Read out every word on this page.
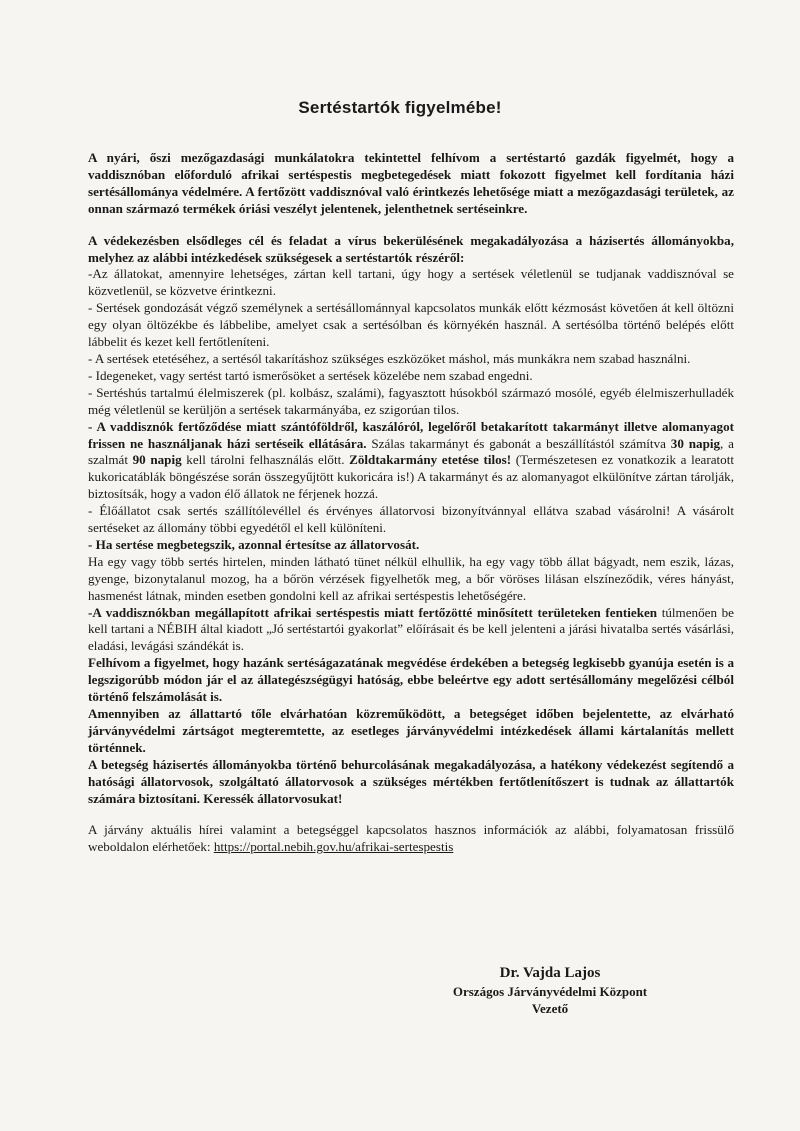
Sertéstartók figyelmébe!

A nyári, őszi mezőgazdasági munkálatokra tekintettel felhívom a sertéstartó gazdák figyelmét, hogy a vaddisznóban előforduló afrikai sertéspestis megbetegedések miatt fokozott figyelmet kell fordítania házi sertésállománya védelmére. A fertőzött vaddisznóval való érintkezés lehetősége miatt a mezőgazdasági területek, az onnan származó termékek óriási veszélyt jelentenek, jelenthetnek sertéseinkre.

A védekezésben elsődleges cél és feladat a vírus bekerülésének megakadályozása a házisertés állományokba, melyhez az alábbi intézkedések szükségesek a sertéstartók részéről:

-Az állatokat, amennyire lehetséges, zártan kell tartani, úgy hogy a sertések véletlenül se tudjanak vaddisznóval se közvetlenül, se közvetve érintkezni.

- Sertések gondozását végző személynek a sertésállománnyal kapcsolatos munkák előtt kézmosást követően át kell öltözni egy olyan öltözékbe és lábbelibe, amelyet csak a sertésólban és környékén használ. A sertésólba történő belépés előtt lábbelit és kezet kell fertőtleníteni.

- A sertések etetéséhez, a sertésól takarításhoz szükséges eszközöket máshol, más munkákra nem szabad használni.

- Idegeneket, vagy sertést tartó ismerősöket a sertések közelébe nem szabad engedni.

- Sertéshús tartalmú élelmiszerek (pl. kolbász, szalámi), fagyasztott húsokból származó mosólé, egyéb élelmiszerhulladék még véletlenül se kerüljön a sertések takarmányába, ez szigorúan tilos.

- A vaddisznók fertőződése miatt szántóföldről, kaszálóról, legelőről betakarított takarmányt illetve alomanyagot frissen ne használjanak házi sertéseik ellátására. Szálas takarmányt és gabonát a beszállítástól számítva 30 napig, a szalmát 90 napig kell tárolni felhasználás előtt. Zöldtakarmány etetése tilos! (Természetesen ez vonatkozik a learatott kukoricatáblák böngészése során összegyűjtött kukoricára is!) A takarmányt és az alomanyagot elkülönítve zártan tárolják, biztosítsák, hogy a vadon élő állatok ne férjenek hozzá.

- Élőállatot csak sertés szállítólevéllel és érvényes állatorvosi bizonyítvánnyal ellátva szabad vásárolni! A vásárolt sertéseket az állomány többi egyedétől el kell különíteni.

- Ha sertése megbetegszik, azonnal értesítse az állatorvosát.

Ha egy vagy több sertés hirtelen, minden látható tünet nélkül elhullik, ha egy vagy több állat bágyadt, nem eszik, lázas, gyenge, bizonytalanul mozog, ha a bőrön vérzések figyelhetők meg, a bőr vöröses lilásan elszíneződik, véres hányást, hasmenést látnak, minden esetben gondolni kell az afrikai sertéspestis lehetőségére.

-A vaddisznókban megállapított afrikai sertéspestis miatt fertőzötté minősített területeken fentieken túlmenően be kell tartani a NÉBIH által kiadott „Jó sertéstartói gyakorlat” előírásait és be kell jelenteni a járási hivatalba sertés vásárlási, eladási, levágási szándékát is.

Felhívom a figyelmet, hogy hazánk sertéságazatának megvédése érdekében a betegség legkisebb gyanúja esetén is a legszigorúbb módon jár el az állategészségügyi hatóság, ebbe beleértve egy adott sertésállomány megelőzési célból történő felszámolását is.

Amennyiben az állattartó tőle elvárhatóan közreműködött, a betegséget időben bejelentette, az elvárható járványvédelmi zártságot megteremtette, az esetleges járványvédelmi intézkedések állami kártalanítás mellett történnek.

A betegség házisertés állományokba történő behurcolásának megakadályozása, a hatékony védekezést segítendő a hatósági állatorvosok, szolgáltató állatorvosok a szükséges mértékben fertőtlenítőszert is tudnak az állattartók számára biztosítani. Keressék állatorvosukat!

A járvány aktuális hírei valamint a betegséggel kapcsolatos hasznos információk az alábbi, folyamatosan frissülő weboldalon elérhetőek: https://portal.nebih.gov.hu/afrikai-sertespestis

Dr. Vajda Lajos
Országos Járványvédelmi Központ
Vezető
